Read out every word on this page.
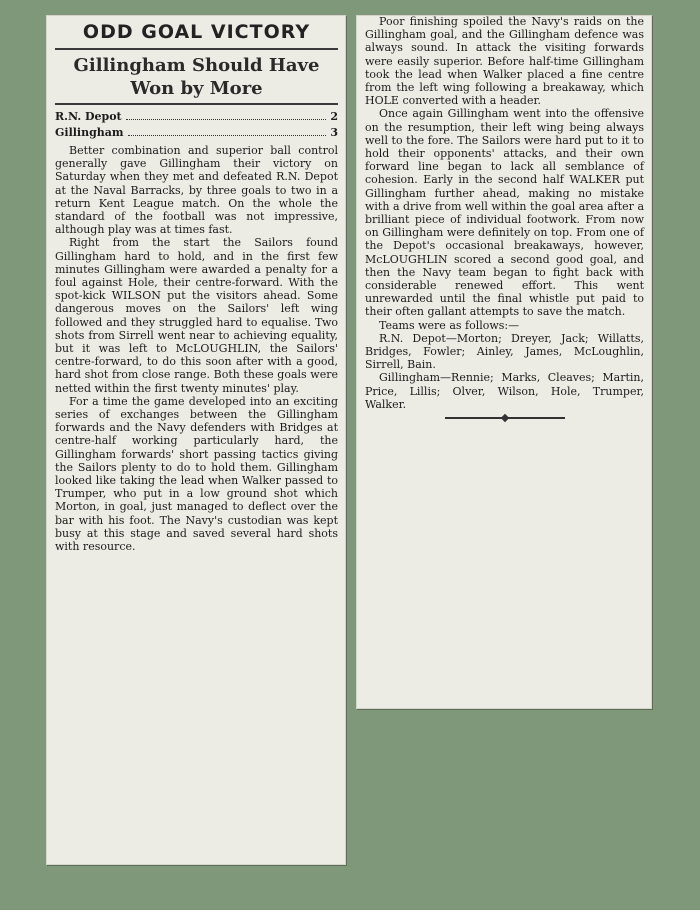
ODD GOAL VICTORY
Gillingham Should Have Won by More
R.N. Depot	2
Gillingham	3

Better combination and superior ball control generally gave Gillingham their victory on Saturday when they met and defeated R.N. Depot at the Naval Barracks, by three goals to two in a return Kent League match. On the whole the standard of the football was not impressive, although play was at times fast.

Right from the start the Sailors found Gillingham hard to hold, and in the first few minutes Gillingham were awarded a penalty for a foul against Hole, their centre-forward. With the spot-kick WILSON put the visitors ahead. Some dangerous moves on the Sailors' left wing followed and they struggled hard to equalise. Two shots from Sirrell went near to achieving equality, but it was left to McLOUGHLIN, the Sailors' centre-forward, to do this soon after with a good, hard shot from close range. Both these goals were netted within the first twenty minutes' play.

For a time the game developed into an exciting series of exchanges between the Gillingham forwards and the Navy defenders with Bridges at centre-half working particularly hard, the Gillingham forwards' short passing tactics giving the Sailors plenty to do to hold them. Gillingham looked like taking the lead when Walker passed to Trumper, who put in a low ground shot which Morton, in goal, just managed to deflect over the bar with his foot. The Navy's custodian was kept busy at this stage and saved several hard shots with resource.

Poor finishing spoiled the Navy's raids on the Gillingham goal, and the Gillingham defence was always sound. In attack the visiting forwards were easily superior. Before half-time Gillingham took the lead when Walker placed a fine centre from the left wing following a breakaway, which HOLE converted with a header.

Once again Gillingham went into the offensive on the resumption, their left wing being always well to the fore. The Sailors were hard put to it to hold their opponents' attacks, and their own forward line began to lack all semblance of cohesion. Early in the second half WALKER put Gillingham further ahead, making no mistake with a drive from well within the goal area after a brilliant piece of individual footwork. From now on Gillingham were definitely on top. From one of the Depot's occasional breakaways, however, McLOUGHLIN scored a second good goal, and then the Navy team began to fight back with considerable renewed effort. This went unrewarded until the final whistle put paid to their often gallant attempts to save the match.

Teams were as follows:—

R.N. Depot—Morton; Dreyer, Jack; Willatts, Bridges, Fowler; Ainley, James, McLoughlin, Sirrell, Bain.

Gillingham—Rennie; Marks, Cleaves; Martin, Price, Lillis; Olver, Wilson, Hole, Trumper, Walker.
